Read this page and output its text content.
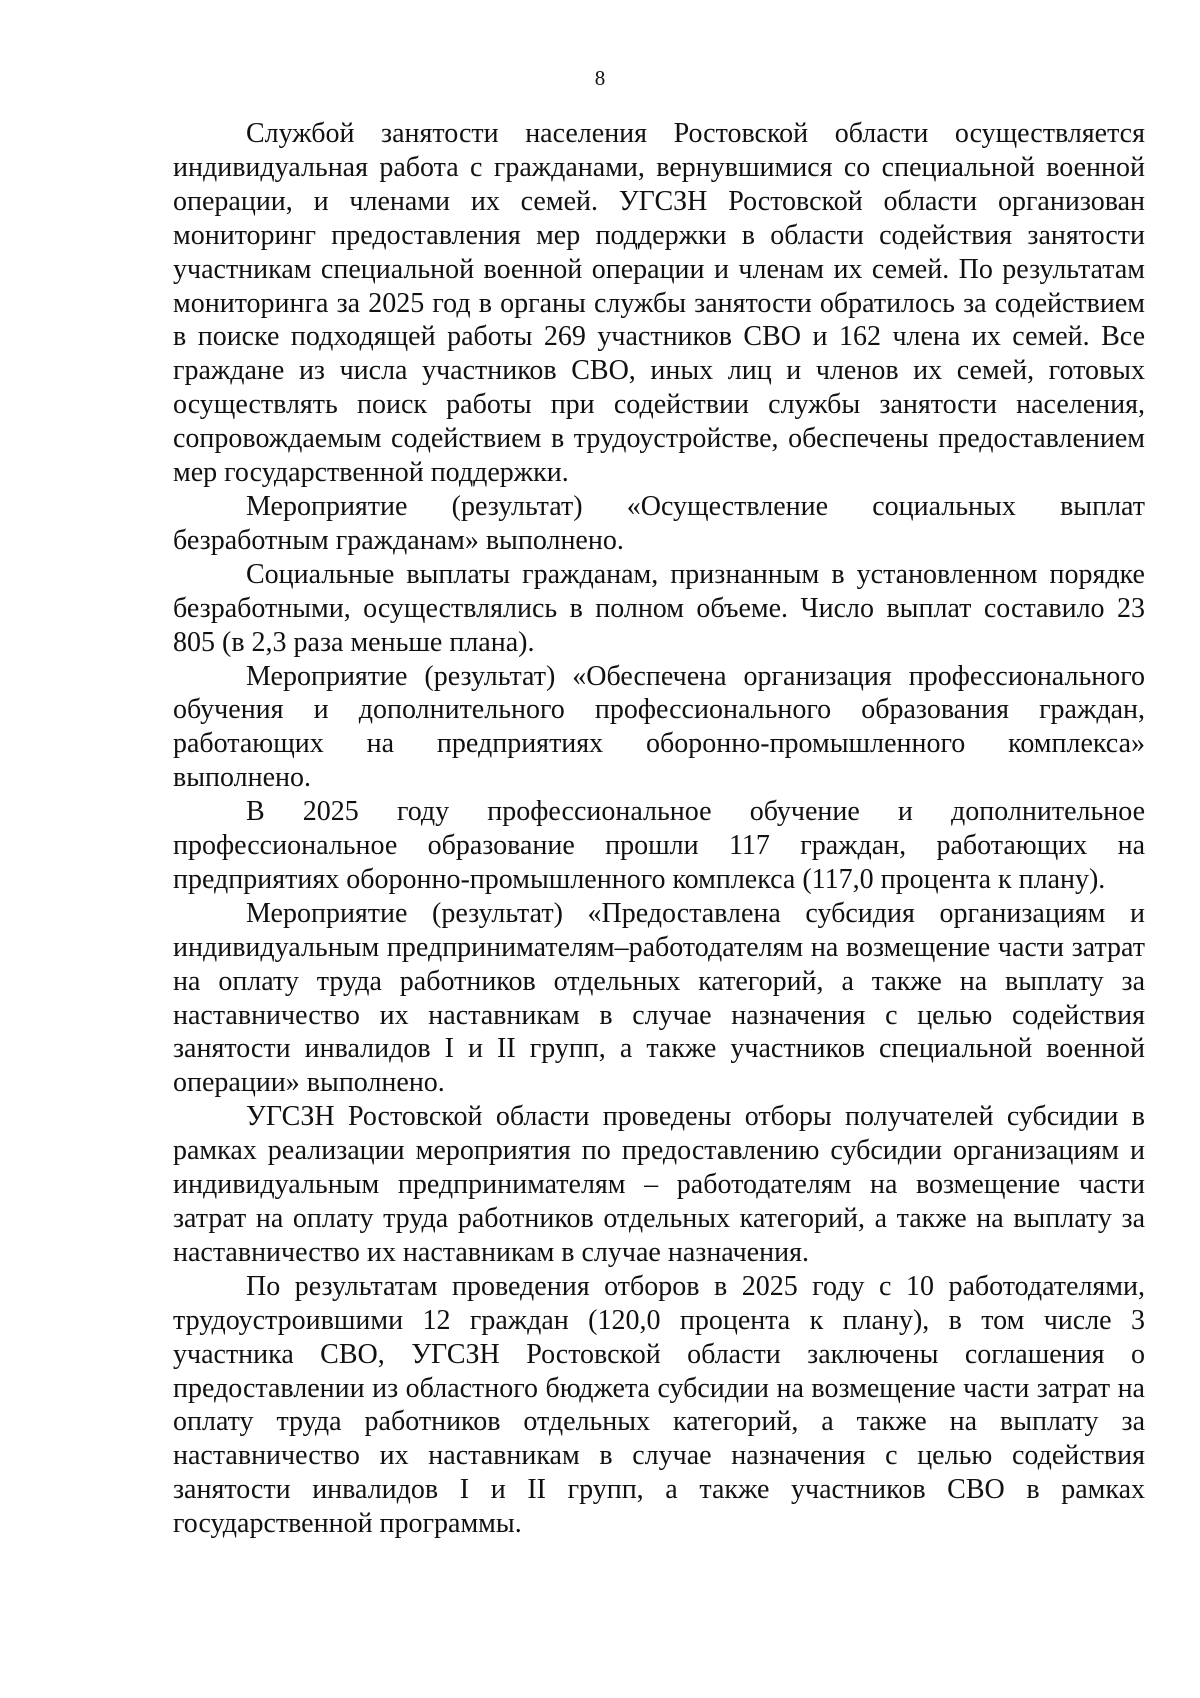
8

Службой занятости населения Ростовской области осуществляется индивидуальная работа с гражданами, вернувшимися со специальной военной операции, и членами их семей. УГСЗН Ростовской области организован мониторинг предоставления мер поддержки в области содействия занятости участникам специальной военной операции и членам их семей. По результатам мониторинга за 2025 год в органы службы занятости обратилось за содействием в поиске подходящей работы 269 участников СВО и 162 члена их семей. Все граждане из числа участников СВО, иных лиц и членов их семей, готовых осуществлять поиск работы при содействии службы занятости населения, сопровождаемым содействием в трудоустройстве, обеспечены предоставлением мер государственной поддержки.

Мероприятие (результат) «Осуществление социальных выплат безработным гражданам» выполнено.

Социальные выплаты гражданам, признанным в установленном порядке безработными, осуществлялись в полном объеме. Число выплат составило 23 805 (в 2,3 раза меньше плана).

Мероприятие (результат) «Обеспечена организация профессионального обучения и дополнительного профессионального образования граждан, работающих на предприятиях оборонно-промышленного комплекса» выполнено.

В 2025 году профессиональное обучение и дополнительное профессиональное образование прошли 117 граждан, работающих на предприятиях оборонно-промышленного комплекса (117,0 процента к плану).

Мероприятие (результат) «Предоставлена субсидия организациям и индивидуальным предпринимателям–работодателям на возмещение части затрат на оплату труда работников отдельных категорий, а также на выплату за наставничество их наставникам в случае назначения с целью содействия занятости инвалидов I и II групп, а также участников специальной военной операции» выполнено.

УГСЗН Ростовской области проведены отборы получателей субсидии в рамках реализации мероприятия по предоставлению субсидии организациям и индивидуальным предпринимателям – работодателям на возмещение части затрат на оплату труда работников отдельных категорий, а также на выплату за наставничество их наставникам в случае назначения.

По результатам проведения отборов в 2025 году с 10 работодателями, трудоустроившими 12 граждан (120,0 процента к плану), в том числе 3 участника СВО, УГСЗН Ростовской области заключены соглашения о предоставлении из областного бюджета субсидии на возмещение части затрат на оплату труда работников отдельных категорий, а также на выплату за наставничество их наставникам в случае назначения с целью содействия занятости инвалидов I и II групп, а также участников СВО в рамках государственной программы.
